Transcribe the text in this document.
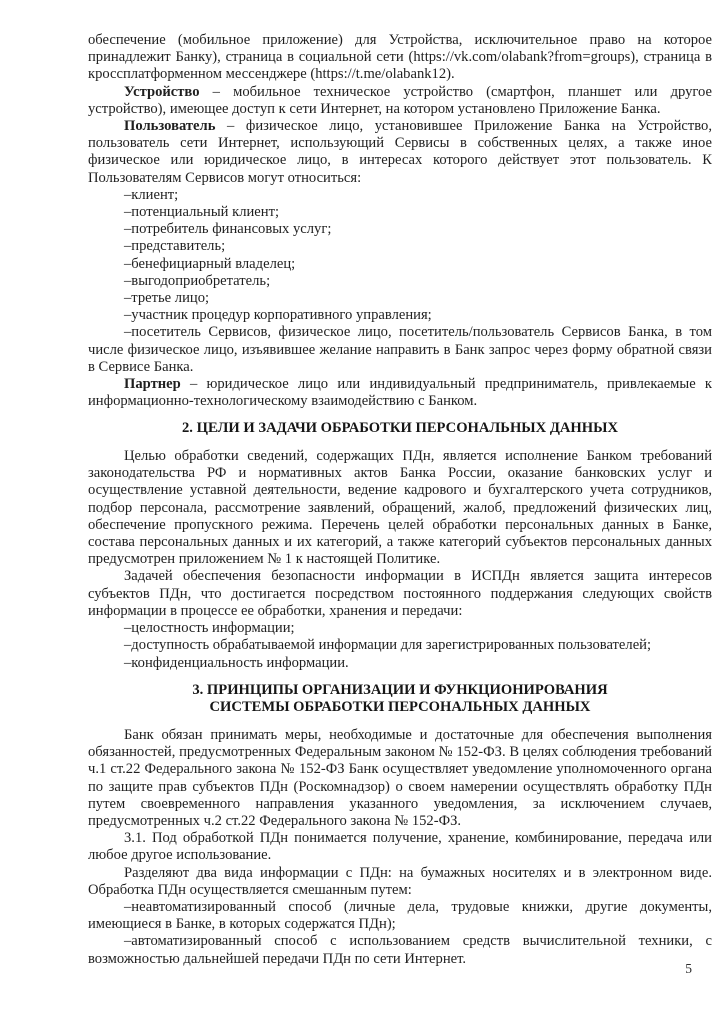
обеспечение (мобильное приложение) для Устройства, исключительное право на которое принадлежит Банку), страница в социальной сети (https://vk.com/olabank?from=groups), страница в кроссплатформенном мессенджере (https://t.me/olabank12).

Устройство – мобильное техническое устройство (смартфон, планшет или другое устройство), имеющее доступ к сети Интернет, на котором установлено Приложение Банка.

Пользователь – физическое лицо, установившее Приложение Банка на Устройство, пользователь сети Интернет, использующий Сервисы в собственных целях, а также иное физическое или юридическое лицо, в интересах которого действует этот пользователь. К Пользователям Сервисов могут относиться:

–клиент;

–потенциальный клиент;

–потребитель финансовых услуг;

–представитель;

–бенефициарный владелец;

–выгодоприобретатель;

–третье лицо;

–участник процедур корпоративного управления;

–посетитель Сервисов, физическое лицо, посетитель/пользователь Сервисов Банка, в том числе физическое лицо, изъявившее желание направить в Банк запрос через форму обратной связи в Сервисе Банка.

Партнер – юридическое лицо или индивидуальный предприниматель, привлекаемые к информационно-технологическому взаимодействию с Банком.

2. ЦЕЛИ И ЗАДАЧИ ОБРАБОТКИ ПЕРСОНАЛЬНЫХ ДАННЫХ

Целью обработки сведений, содержащих ПДн, является исполнение Банком требований законодательства РФ и нормативных актов Банка России, оказание банковских услуг и осуществление уставной деятельности, ведение кадрового и бухгалтерского учета сотрудников, подбор персонала, рассмотрение заявлений, обращений, жалоб, предложений физических лиц, обеспечение пропускного режима. Перечень целей обработки персональных данных в Банке, состава персональных данных и их категорий, а также категорий субъектов персональных данных предусмотрен приложением № 1 к настоящей Политике.

Задачей обеспечения безопасности информации в ИСПДн является защита интересов субъектов ПДн, что достигается посредством постоянного поддержания следующих свойств информации в процессе ее обработки, хранения и передачи:

–целостность информации;

–доступность обрабатываемой информации для зарегистрированных пользователей;

–конфиденциальность информации.

3. ПРИНЦИПЫ ОРГАНИЗАЦИИ И ФУНКЦИОНИРОВАНИЯ
СИСТЕМЫ ОБРАБОТКИ ПЕРСОНАЛЬНЫХ ДАННЫХ

Банк обязан принимать меры, необходимые и достаточные для обеспечения выполнения обязанностей, предусмотренных Федеральным законом № 152-ФЗ. В целях соблюдения требований ч.1 ст.22 Федерального закона № 152-ФЗ Банк осуществляет уведомление уполномоченного органа по защите прав субъектов ПДн (Роскомнадзор) о своем намерении осуществлять обработку ПДн путем своевременного направления указанного уведомления, за исключением случаев, предусмотренных ч.2 ст.22 Федерального закона № 152-ФЗ.

3.1. Под обработкой ПДн понимается получение, хранение, комбинирование, передача или любое другое использование.

Разделяют два вида информации с ПДн: на бумажных носителях и в электронном виде. Обработка ПДн осуществляется смешанным путем:

–неавтоматизированный способ (личные дела, трудовые книжки, другие документы, имеющиеся в Банке, в которых содержатся ПДн);

–автоматизированный способ с использованием средств вычислительной техники, с возможностью дальнейшей передачи ПДн по сети Интернет.

5
